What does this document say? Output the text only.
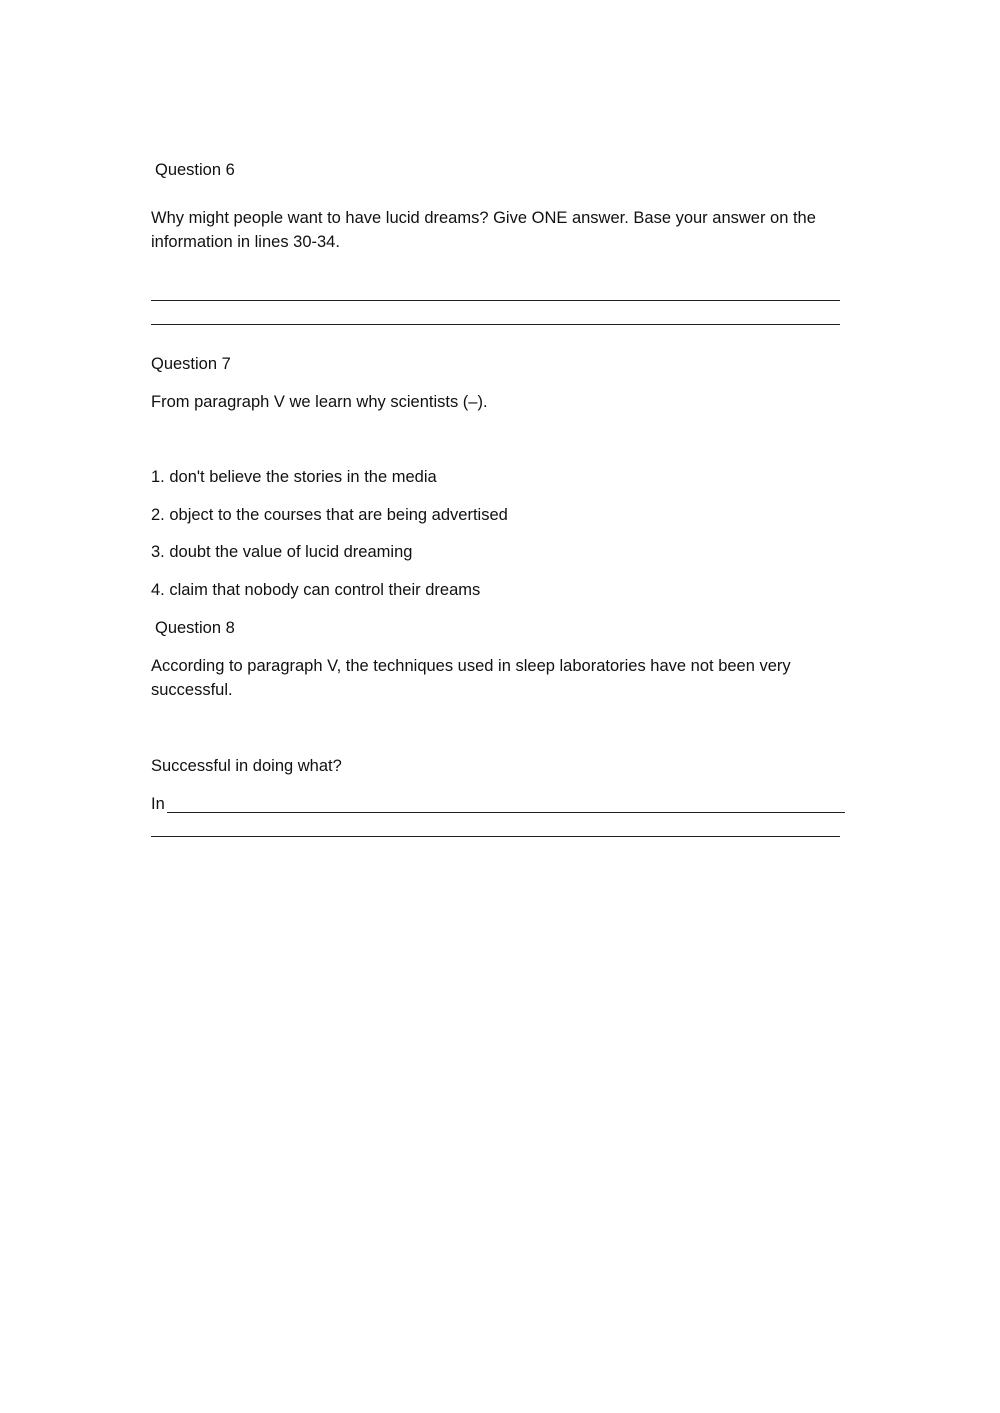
Question 6

Why might people want to have lucid dreams? Give ONE answer. Base your answer on the information in lines 30-34.

Question 7

From paragraph V we learn why scientists (–).

1. don't believe the stories in the media

2. object to the courses that are being advertised

3. doubt the value of lucid dreaming

4. claim that nobody can control their dreams

Question 8

According to paragraph V, the techniques used in sleep laboratories have not been very successful.

Successful in doing what?

In
